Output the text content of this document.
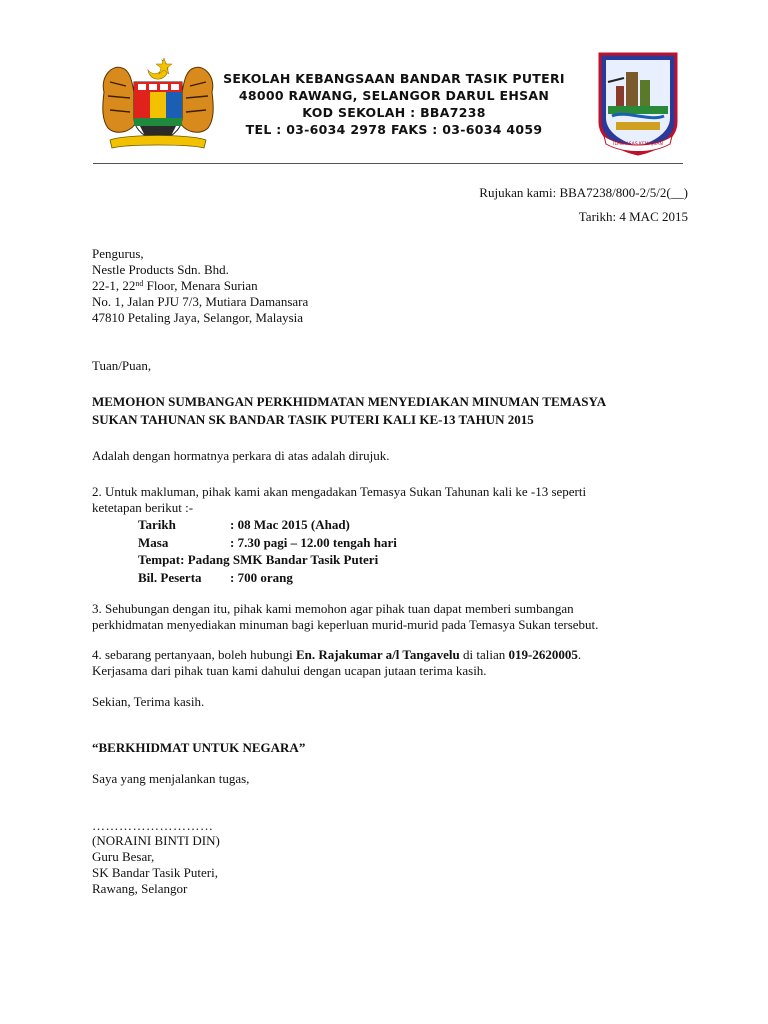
SEKOLAH KEBANGSAAN BANDAR TASIK PUTERI
48000 RAWANG, SELANGOR DARUL EHSAN
KOD SEKOLAH : BBA7238
TEL : 03-6034 2978 FAKS : 03-6034 4059
ILMU ASAS KEMAJUAN
Rujukan kami: BBA7238/800-2/5/2(__)
Tarikh: 4 MAC 2015
Pengurus,
Nestle Products Sdn. Bhd.
22-1, 22nd Floor, Menara Surian
No. 1, Jalan PJU 7/3, Mutiara Damansara
47810 Petaling Jaya, Selangor, Malaysia
Tuan/Puan,
MEMOHON SUMBANGAN PERKHIDMATAN MENYEDIAKAN MINUMAN TEMASYA
SUKAN TAHUNAN SK BANDAR TASIK PUTERI KALI KE-13 TAHUN 2015
Adalah dengan hormatnya perkara di atas adalah dirujuk.
2. Untuk makluman, pihak kami akan mengadakan Temasya Sukan Tahunan kali ke -13 seperti
ketetapan berikut :-
Tarikh	: 08 Mac 2015 (Ahad)
Masa	: 7.30 pagi – 12.00 tengah hari
Tempat: Padang SMK Bandar Tasik Puteri
Bil. Peserta : 700 orang
3. Sehubungan dengan itu, pihak kami memohon agar pihak tuan dapat memberi sumbangan
perkhidmatan menyediakan minuman bagi keperluan murid-murid pada Temasya Sukan tersebut.
4. sebarang pertanyaan, boleh hubungi En. Rajakumar a/l Tangavelu di talian 019-2620005.
Kerjasama dari pihak tuan kami dahului dengan ucapan jutaan terima kasih.
Sekian, Terima kasih.
“BERKHIDMAT UNTUK NEGARA”
Saya yang menjalankan tugas,
………………………
(NORAINI BINTI DIN)
Guru Besar,
SK Bandar Tasik Puteri,
Rawang, Selangor
